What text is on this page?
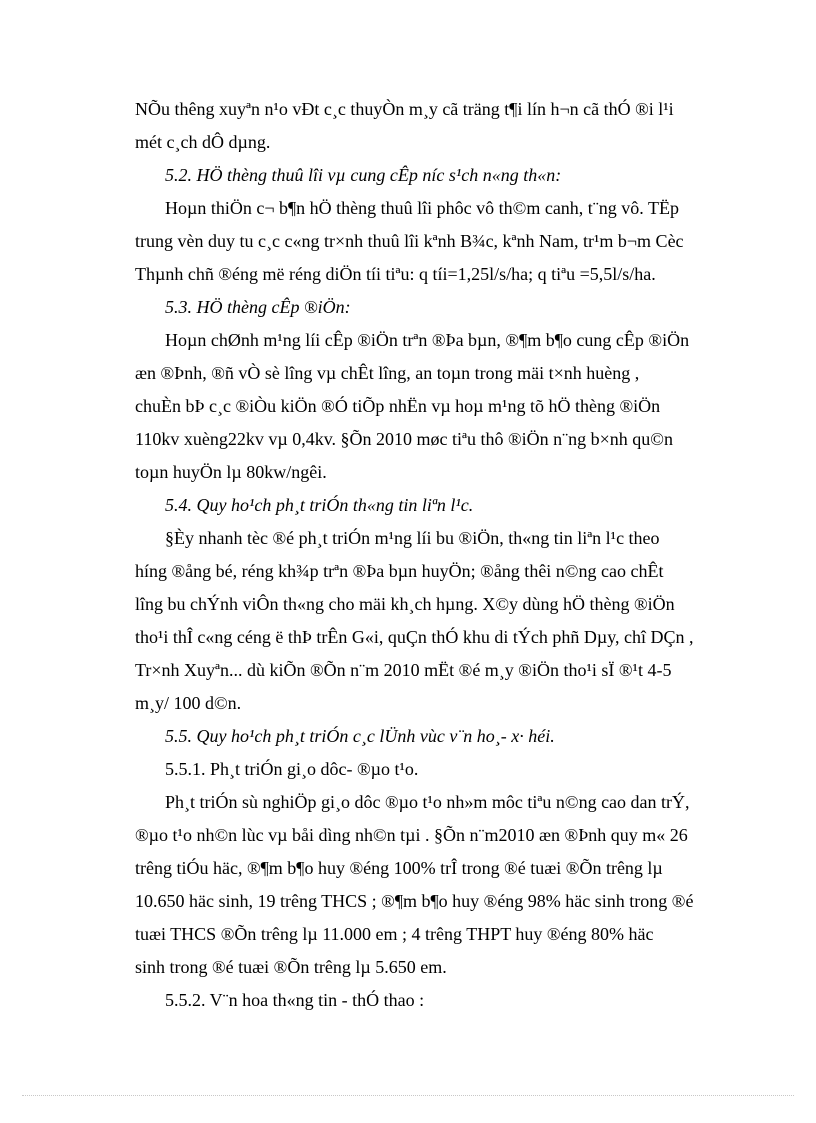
NÕu thêng xuyªn n¹o vÐt c¸c thuyÒn m¸y cã träng t¶i lín h¬n cã thÓ ®i l¹i
mét c¸ch dÔ dµng.
5.2. HÖ thèng thuû lîi vµ cung cÊp níc s¹ch n«ng th«n:
Hoµn thiÖn c¬ b¶n hÖ thèng thuû lîi phôc vô th©m canh, t¨ng vô. TËp
trung vèn duy tu c¸c c«ng tr×nh thuû lîi kªnh B¾c, kªnh Nam, tr¹m b¬m Cèc
Thµnh chñ ®éng më réng diÖn tíi tiªu: q tíi=1,25l/s/ha; q tiªu =5,5l/s/ha.
5.3. HÖ thèng cÊp ®iÖn:
Hoµn chØnh m¹ng líi cÊp ®iÖn trªn ®Þa bµn, ®¶m b¶o cung cÊp ®iÖn
æn ®Þnh, ®ñ vÒ sè lîng vµ chÊt lîng, an toµn trong mäi t×nh huèng ,
chuÈn bÞ c¸c ®iÒu kiÖn ®Ó tiÕp nhËn vµ hoµ m¹ng tõ hÖ thèng ®iÖn
110kv xuèng22kv vµ 0,4kv. §Õn 2010 møc tiªu thô ®iÖn n¨ng b×nh qu©n
toµn huyÖn lµ 80kw/ngêi.
5.4. Quy ho¹ch ph¸t triÓn th«ng tin liªn l¹c.
§Èy nhanh tèc ®é ph¸t triÓn m¹ng líi bu ®iÖn, th«ng tin liªn l¹c theo
híng ®ång bé, réng kh¾p trªn ®Þa bµn huyÖn; ®ång thêi n©ng cao chÊt
lîng bu chÝnh viÔn th«ng cho mäi kh¸ch hµng. X©y dùng hÖ thèng ®iÖn
tho¹i thÎ c«ng céng ë thÞ trÊn G«i, quÇn thÓ khu di tÝch phñ Dµy, chî DÇn ,
Tr×nh Xuyªn... dù kiÕn ®Õn n¨m 2010 mËt ®é m¸y ®iÖn tho¹i sÏ ®¹t 4-5
m¸y/ 100 d©n.
5.5. Quy ho¹ch ph¸t triÓn c¸c lÜnh vùc v¨n ho¸- x· héi.
5.5.1. Ph¸t triÓn gi¸o dôc- ®µo t¹o.
Ph¸t triÓn sù nghiÖp gi¸o dôc ®µo t¹o nh»m môc tiªu n©ng cao dan trÝ,
®µo t¹o nh©n lùc vµ båi dìng nh©n tµi . §Õn n¨m2010 æn ®Þnh quy m« 26
trêng tiÓu häc, ®¶m b¶o huy ®éng 100% trÎ trong ®é tuæi ®Õn trêng lµ
10.650 häc sinh, 19 trêng THCS ; ®¶m b¶o huy ®éng 98% häc sinh trong ®é
tuæi THCS ®Õn trêng lµ 11.000 em ; 4 trêng THPT huy ®éng 80% häc
sinh trong ®é tuæi ®Õn trêng lµ 5.650 em.
5.5.2. V¨n hoa th«ng tin - thÓ thao :
